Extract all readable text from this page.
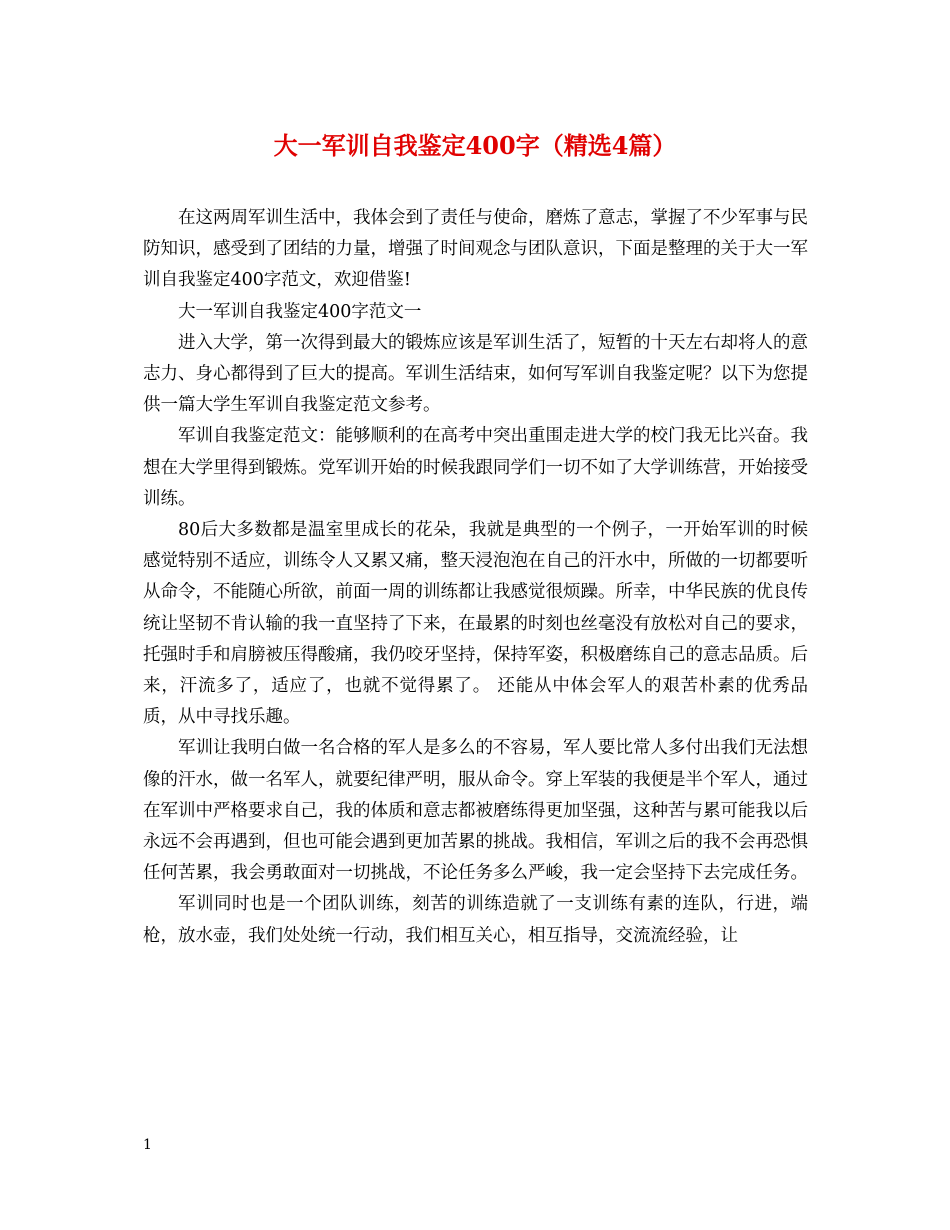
大一军训自我鉴定400字（精选4篇）

在这两周军训生活中，我体会到了责任与使命，磨炼了意志，掌握了不少军事与民防知识，感受到了团结的力量，增强了时间观念与团队意识，下面是整理的关于大一军训自我鉴定400字范文，欢迎借鉴!

大一军训自我鉴定400字范文一

进入大学，第一次得到最大的锻炼应该是军训生活了，短暂的十天左右却将人的意志力、身心都得到了巨大的提高。军训生活结束，如何写军训自我鉴定呢？以下为您提供一篇大学生军训自我鉴定范文参考。

军训自我鉴定范文：能够顺利的在高考中突出重围走进大学的校门我无比兴奋。我想在大学里得到锻炼。党军训开始的时候我跟同学们一切不如了大学训练营，开始接受训练。

80后大多数都是温室里成长的花朵，我就是典型的一个例子，一开始军训的时候感觉特别不适应，训练令人又累又痛，整天浸泡泡在自己的汗水中，所做的一切都要听从命令，不能随心所欲，前面一周的训练都让我感觉很烦躁。所幸，中华民族的优良传统让坚韧不肯认输的我一直坚持了下来，在最累的时刻也丝毫没有放松对自己的要求，托强时手和肩膀被压得酸痛，我仍咬牙坚持，保持军姿，积极磨练自己的意志品质。后来，汗流多了，适应了，也就不觉得累了。 还能从中体会军人的艰苦朴素的优秀品质，从中寻找乐趣。

军训让我明白做一名合格的军人是多么的不容易，军人要比常人多付出我们无法想像的汗水，做一名军人，就要纪律严明，服从命令。穿上军装的我便是半个军人，通过在军训中严格要求自己，我的体质和意志都被磨练得更加坚强，这种苦与累可能我以后永远不会再遇到，但也可能会遇到更加苦累的挑战。我相信，军训之后的我不会再恐惧任何苦累，我会勇敢面对一切挑战，不论任务多么严峻，我一定会坚持下去完成任务。

军训同时也是一个团队训练，刻苦的训练造就了一支训练有素的连队，行进，端枪，放水壶，我们处处统一行动，我们相互关心，相互指导，交流流经验，让

1
